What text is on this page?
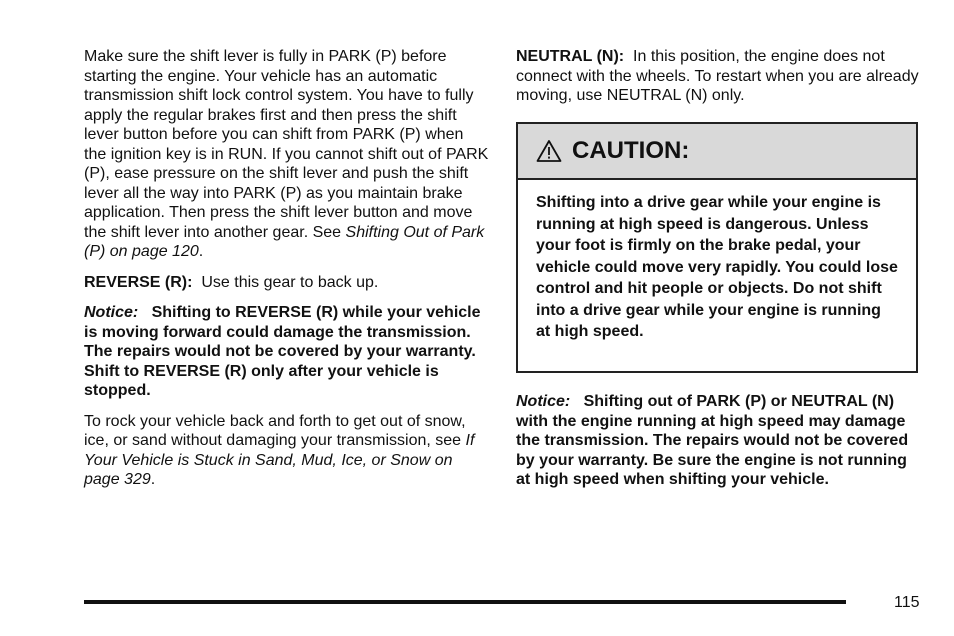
Make sure the shift lever is fully in PARK (P) before starting the engine. Your vehicle has an automatic transmission shift lock control system. You have to fully apply the regular brakes first and then press the shift lever button before you can shift from PARK (P) when the ignition key is in RUN. If you cannot shift out of PARK (P), ease pressure on the shift lever and push the shift lever all the way into PARK (P) as you maintain brake application. Then press the shift lever button and move the shift lever into another gear. See Shifting Out of Park (P) on page 120.

REVERSE (R): Use this gear to back up.

Notice: Shifting to REVERSE (R) while your vehicle is moving forward could damage the transmission. The repairs would not be covered by your warranty. Shift to REVERSE (R) only after your vehicle is stopped.

To rock your vehicle back and forth to get out of snow, ice, or sand without damaging your transmission, see If Your Vehicle is Stuck in Sand, Mud, Ice, or Snow on page 329.

NEUTRAL (N): In this position, the engine does not connect with the wheels. To restart when you are already moving, use NEUTRAL (N) only.

CAUTION:
Shifting into a drive gear while your engine is running at high speed is dangerous. Unless your foot is firmly on the brake pedal, your vehicle could move very rapidly. You could lose control and hit people or objects. Do not shift into a drive gear while your engine is running at high speed.
Notice: Shifting out of PARK (P) or NEUTRAL (N) with the engine running at high speed may damage the transmission. The repairs would not be covered by your warranty. Be sure the engine is not running at high speed when shifting your vehicle.
115
